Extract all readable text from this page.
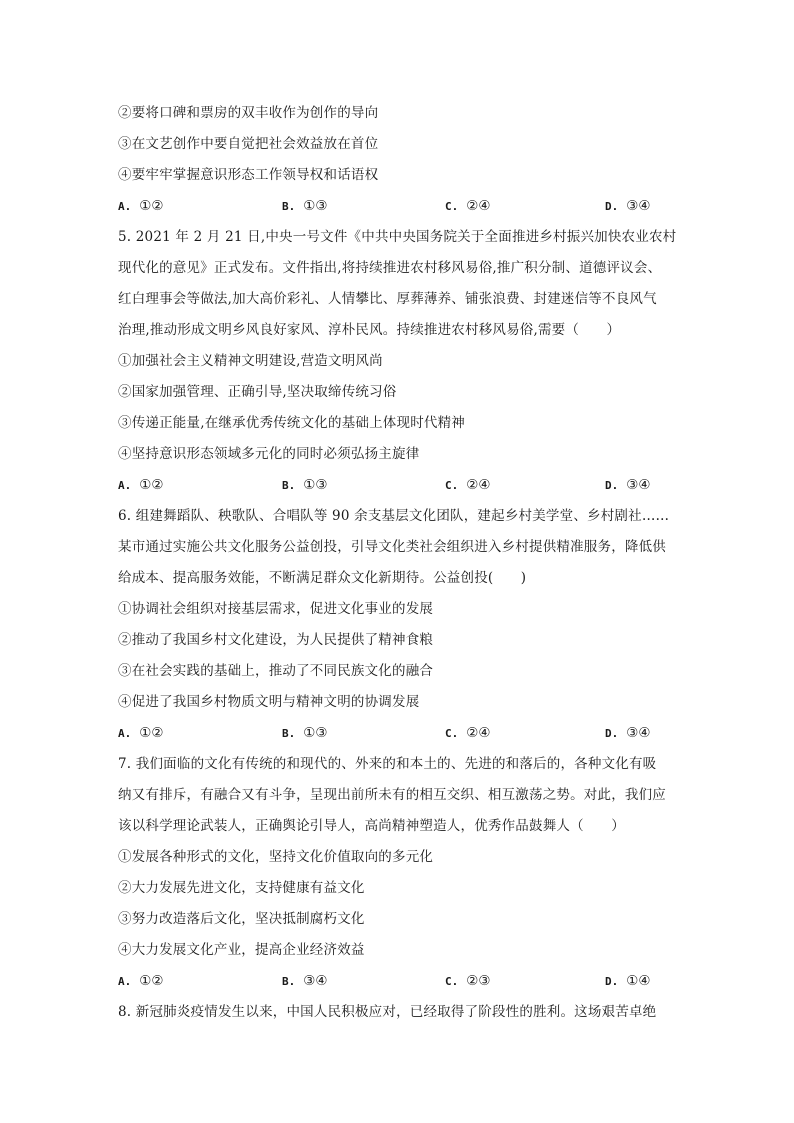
②要将口碑和票房的双丰收作为创作的导向
③在文艺创作中要自觉把社会效益放在首位
④要牢牢掌握意识形态工作领导权和话语权
A. ①②	B. ①③	C. ②④	D. ③④
5. 2021 年 2 月 21 日,中央一号文件《中共中央国务院关于全面推进乡村振兴加快农业农村
现代化的意见》正式发布。文件指出,将持续推进农村移风易俗,推广积分制、道德评议会、
红白理事会等做法,加大高价彩礼、人情攀比、厚葬薄养、铺张浪费、封建迷信等不良风气
治理,推动形成文明乡风良好家风、淳朴民风。持续推进农村移风易俗,需要（　　）
①加强社会主义精神文明建设,营造文明风尚
②国家加强管理、正确引导,坚决取缔传统习俗
③传递正能量,在继承优秀传统文化的基础上体现时代精神
④坚持意识形态领域多元化的同时必须弘扬主旋律
A. ①②	B. ①③	C. ②④	D. ③④
6. 组建舞蹈队、秧歌队、合唱队等 90 余支基层文化团队，建起乡村美学堂、乡村剧社……
某市通过实施公共文化服务公益创投，引导文化类社会组织进入乡村提供精准服务，降低供
给成本、提高服务效能，不断满足群众文化新期待。公益创投(　　)
①协调社会组织对接基层需求，促进文化事业的发展
②推动了我国乡村文化建设，为人民提供了精神食粮
③在社会实践的基础上，推动了不同民族文化的融合
④促进了我国乡村物质文明与精神文明的协调发展
A. ①②	B. ①③	C. ②④	D. ③④
7. 我们面临的文化有传统的和现代的、外来的和本土的、先进的和落后的，各种文化有吸
纳又有排斥，有融合又有斗争，呈现出前所未有的相互交织、相互激荡之势。对此，我们应
该以科学理论武装人，正确舆论引导人，高尚精神塑造人，优秀作品鼓舞人（　　）
①发展各种形式的文化，坚持文化价值取向的多元化
②大力发展先进文化，支持健康有益文化
③努力改造落后文化，坚决抵制腐朽文化
④大力发展文化产业，提高企业经济效益
A. ①②	B. ③④	C. ②③	D. ①④
8. 新冠肺炎疫情发生以来，中国人民积极应对，已经取得了阶段性的胜利。这场艰苦卓绝
